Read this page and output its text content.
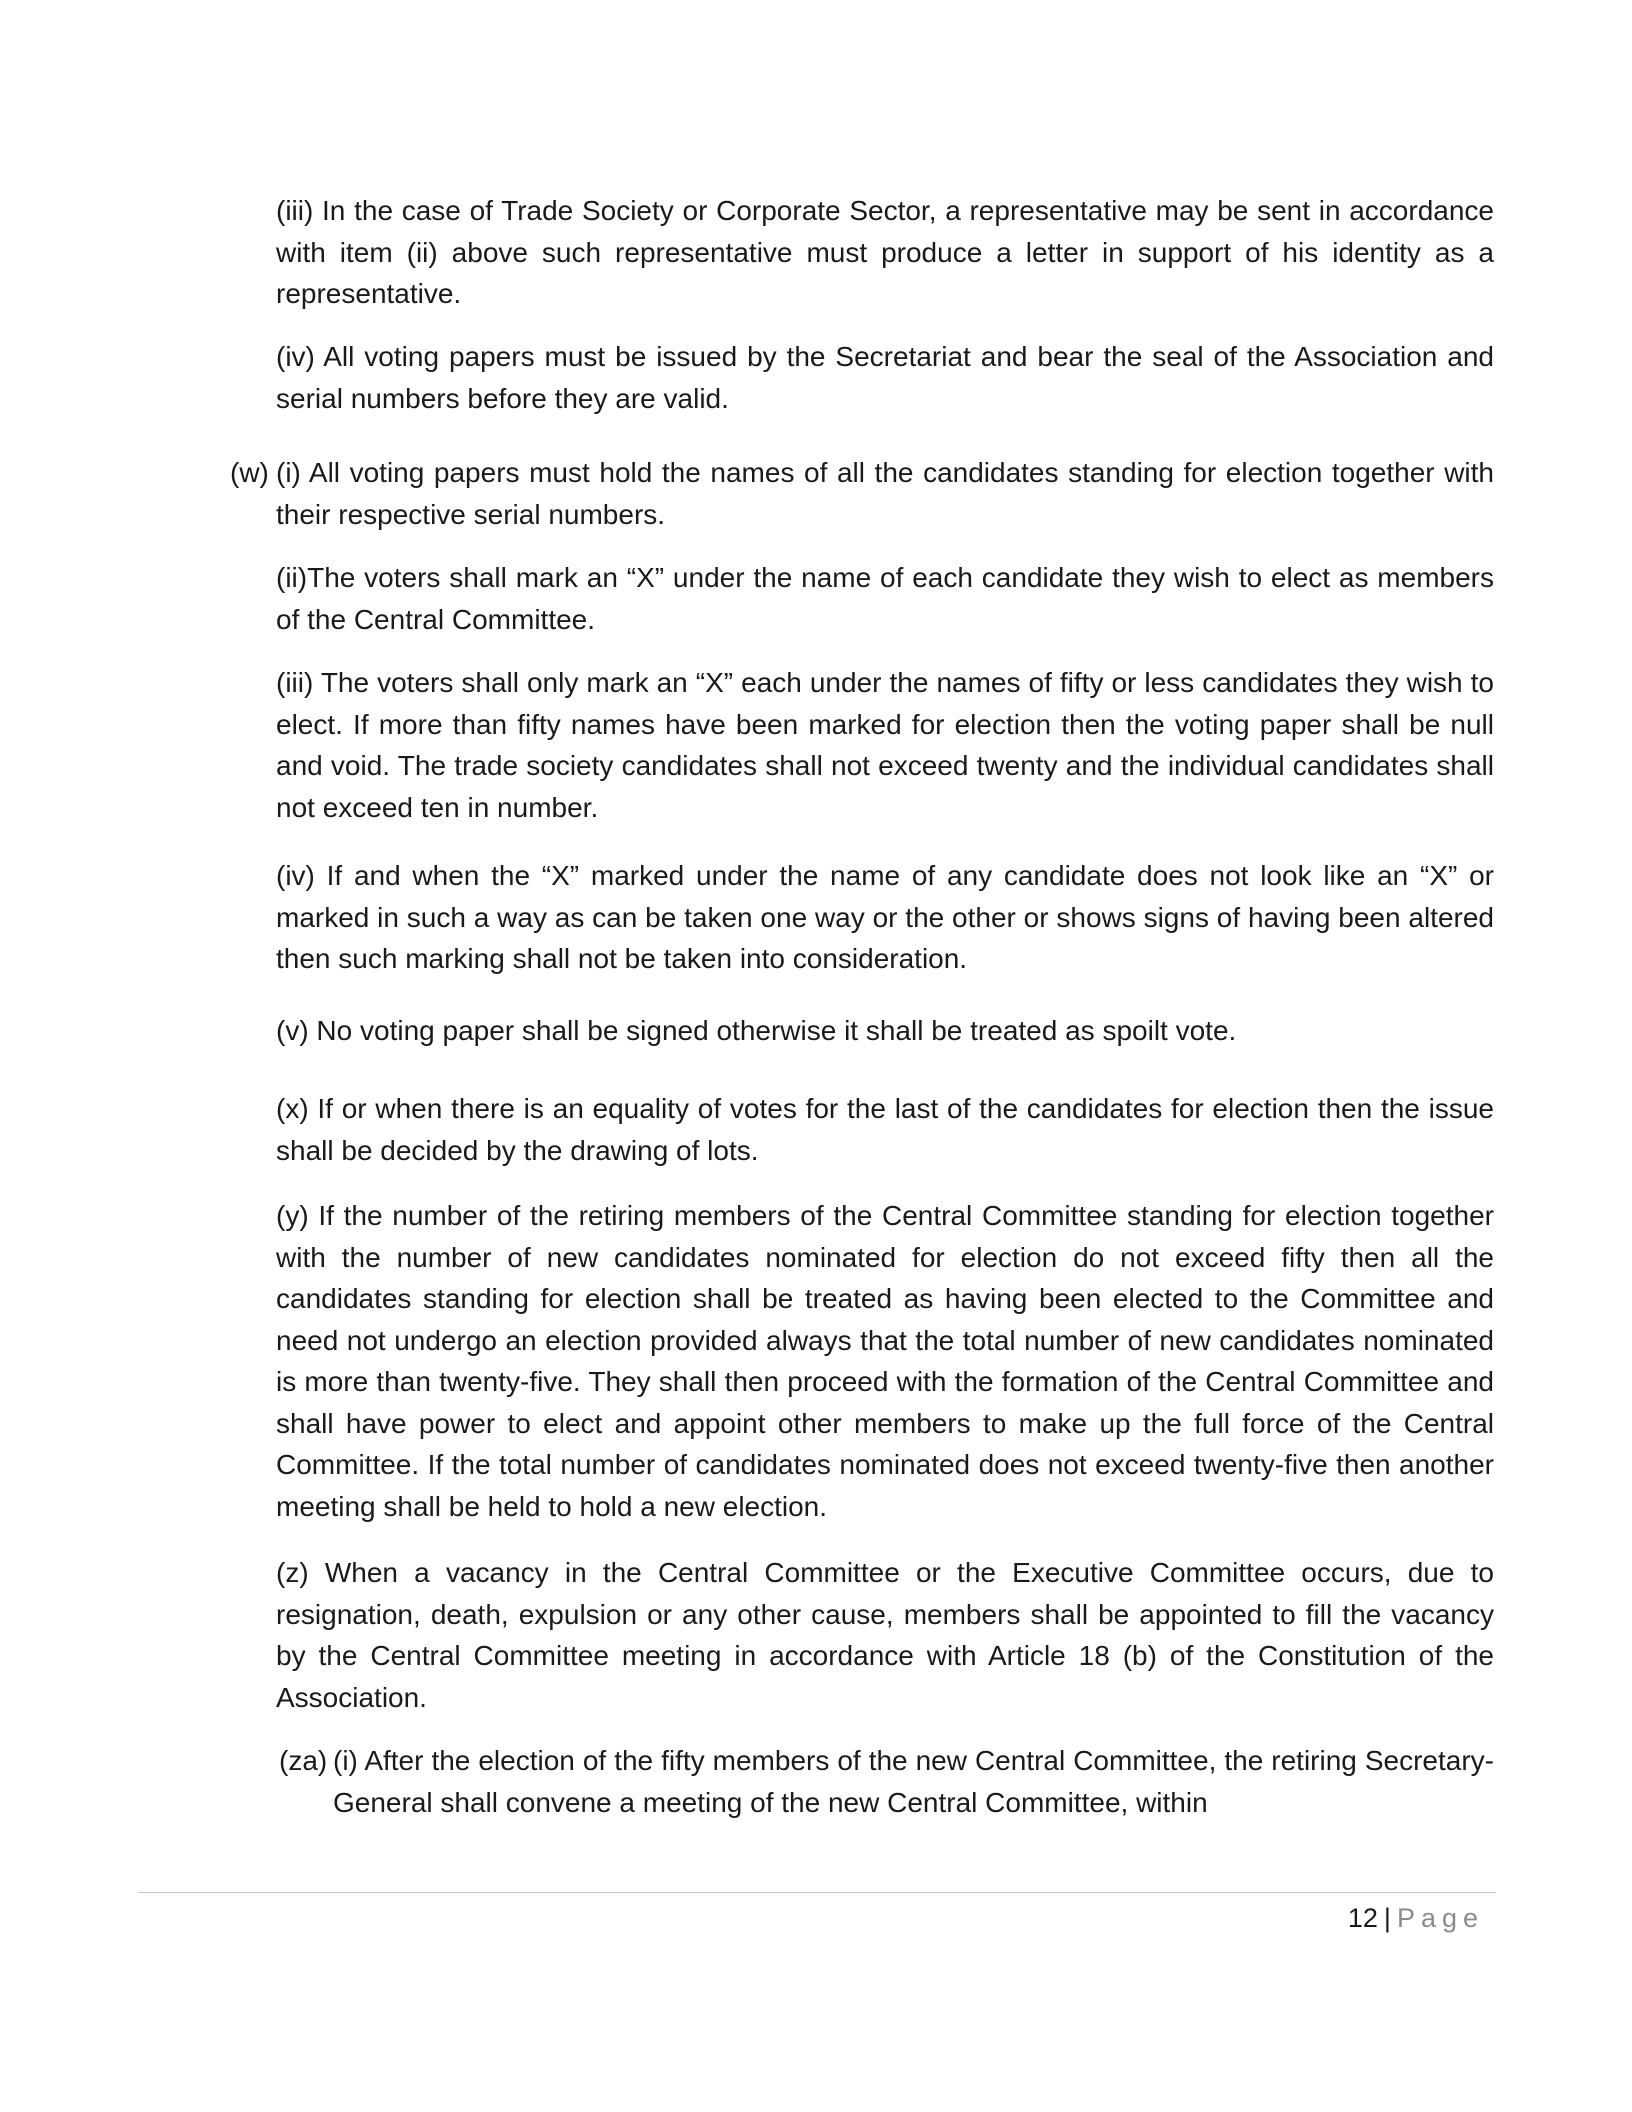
(iii) In the case of Trade Society or Corporate Sector, a representative may be sent in accordance with item (ii) above such representative must produce a letter in support of his identity as a representative.

(iv) All voting papers must be issued by the Secretariat and bear the seal of the Association and serial numbers before they are valid.

(w) (i) All voting papers must hold the names of all the candidates standing for election together with their respective serial numbers.

(ii)The voters shall mark an “X” under the name of each candidate they wish to elect as members of the Central Committee.

(iii) The voters shall only mark an “X” each under the names of fifty or less candidates they wish to elect. If more than fifty names have been marked for election then the voting paper shall be null and void. The trade society candidates shall not exceed twenty and the individual candidates shall not exceed ten in number.

(iv) If and when the “X” marked under the name of any candidate does not look like an “X” or marked in such a way as can be taken one way or the other or shows signs of having been altered then such marking shall not be taken into consideration.

(v) No voting paper shall be signed otherwise it shall be treated as spoilt vote.

(x) If or when there is an equality of votes for the last of the candidates for election then the issue shall be decided by the drawing of lots.

(y) If the number of the retiring members of the Central Committee standing for election together with the number of new candidates nominated for election do not exceed fifty then all the candidates standing for election shall be treated as having been elected to the Committee and need not undergo an election provided always that the total number of new candidates nominated is more than twenty-five. They shall then proceed with the formation of the Central Committee and shall have power to elect and appoint other members to make up the full force of the Central Committee. If the total number of candidates nominated does not exceed twenty-five then another meeting shall be held to hold a new election.

(z) When a vacancy in the Central Committee or the Executive Committee occurs, due to resignation, death, expulsion or any other cause, members shall be appointed to fill the vacancy by the Central Committee meeting in accordance with Article 18 (b) of the Constitution of the Association.

(za) (i) After the election of the fifty members of the new Central Committee, the retiring Secretary-General shall convene a meeting of the new Central Committee, within
12 | Page
